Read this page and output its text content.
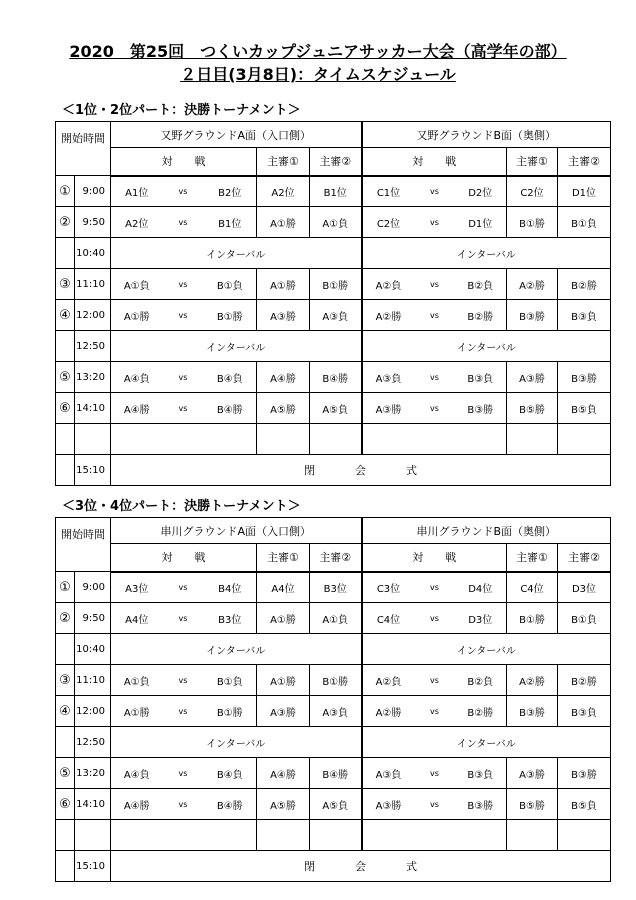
2020　第25回　つくいカップジュニアサッカー大会（高学年の部）
２日目(3月8日)：タイムスケジュール
＜1位・2位パート：決勝トーナメント＞
開始時間		又野グラウンドA面（入口側）					又野グラウンドB面（奥側）				
		対 戦			主審①	主審②	対 戦			主審①	主審②
①	9:00	A1位	vs	B2位	A2位	B1位	C1位	vs	D2位	C2位	D1位
②	9:50	A2位	vs	B1位	A①勝	A①負	C2位	vs	D1位	B①勝	B①負
	10:40	インターバル					インターバル				
③	11:10	A①負	vs	B①負	A①勝	B①勝	A②負	vs	B②負	A②勝	B②勝
④	12:00	A①勝	vs	B①勝	A③勝	A③負	A②勝	vs	B②勝	B③勝	B③負
	12:50	インターバル					インターバル				
⑤	13:20	A④負	vs	B④負	A④勝	B④勝	A③負	vs	B③負	A③勝	B③勝
⑥	14:10	A④勝	vs	B④勝	A⑤勝	A⑤負	A③勝	vs	B③勝	B⑤勝	B⑤負

	15:10	閉 会 式									
＜3位・4位パート：決勝トーナメント＞
開始時間		串川グラウンドA面（入口側）					串川グラウンドB面（奥側）				
		対 戦			主審①	主審②	対 戦			主審①	主審②
①	9:00	A3位	vs	B4位	A4位	B3位	C3位	vs	D4位	C4位	D3位
②	9:50	A4位	vs	B3位	A①勝	A①負	C4位	vs	D3位	B①勝	B①負
	10:40	インターバル					インターバル				
③	11:10	A①負	vs	B①負	A①勝	B①勝	A②負	vs	B②負	A②勝	B②勝
④	12:00	A①勝	vs	B①勝	A③勝	A③負	A②勝	vs	B②勝	B③勝	B③負
	12:50	インターバル					インターバル				
⑤	13:20	A④負	vs	B④負	A④勝	B④勝	A③負	vs	B③負	A③勝	B③勝
⑥	14:10	A④勝	vs	B④勝	A⑤勝	A⑤負	A③勝	vs	B③勝	B⑤勝	B⑤負

	15:10	閉 会 式									
